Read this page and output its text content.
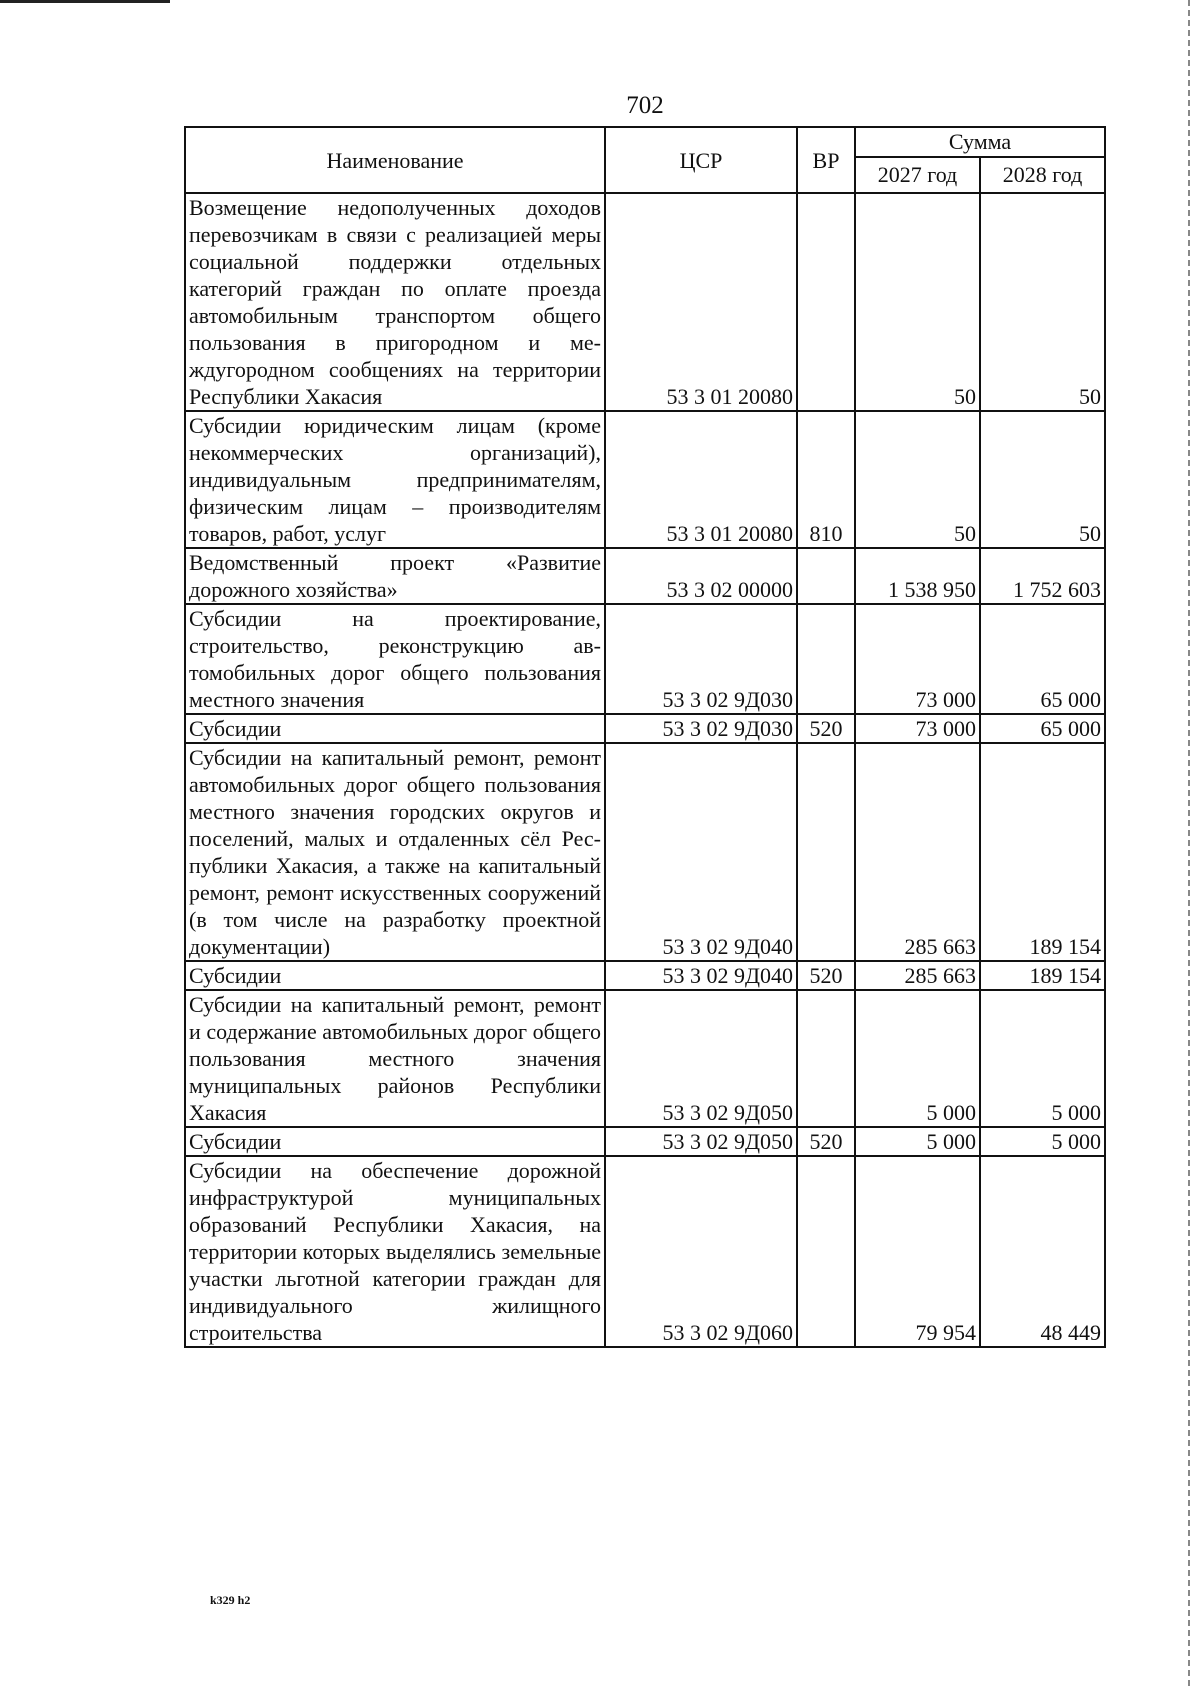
702
Наименование	ЦСР	ВР	Сумма	
			2027 год	2028 год
Возмещение недополученных доходов перевозчикам в связи с реализацией меры социальной поддержки отдельных категорий граждан по оплате проезда автомобильным транспортом общего пользования в пригородном и междугородном сообщениях на территории Республики Хакасия	53 3 01 20080		50	50
Субсидии юридическим лицам (кроме некоммерческих организаций), индивидуальным предпринимателям, физическим лицам – производителям товаров, работ, услуг	53 3 01 20080	810	50	50
Ведомственный проект «Развитие дорожного хозяйства»	53 3 02 00000		1 538 950	1 752 603
Субсидии на проектирование, строительство, реконструкцию автомобильных дорог общего пользования местного значения	53 3 02 9Д030		73 000	65 000
Субсидии	53 3 02 9Д030	520	73 000	65 000
Субсидии на капитальный ремонт, ремонт автомобильных дорог общего пользования местного значения городских округов и поселений, малых и отдаленных сёл Республики Хакасия, а также на капитальный ремонт, ремонт искусственных сооружений (в том числе на разработку проектной документации)	53 3 02 9Д040		285 663	189 154
Субсидии	53 3 02 9Д040	520	285 663	189 154
Субсидии на капитальный ремонт, ремонт и содержание автомобильных дорог общего пользования местного значения муниципальных районов Республики Хакасия	53 3 02 9Д050		5 000	5 000
Субсидии	53 3 02 9Д050	520	5 000	5 000
Субсидии на обеспечение дорожной инфраструктурой муниципальных образований Республики Хакасия, на территории которых выделялись земельные участки льготной категории граждан для индивидуального жилищного строительства	53 3 02 9Д060		79 954	48 449
k329 h2
